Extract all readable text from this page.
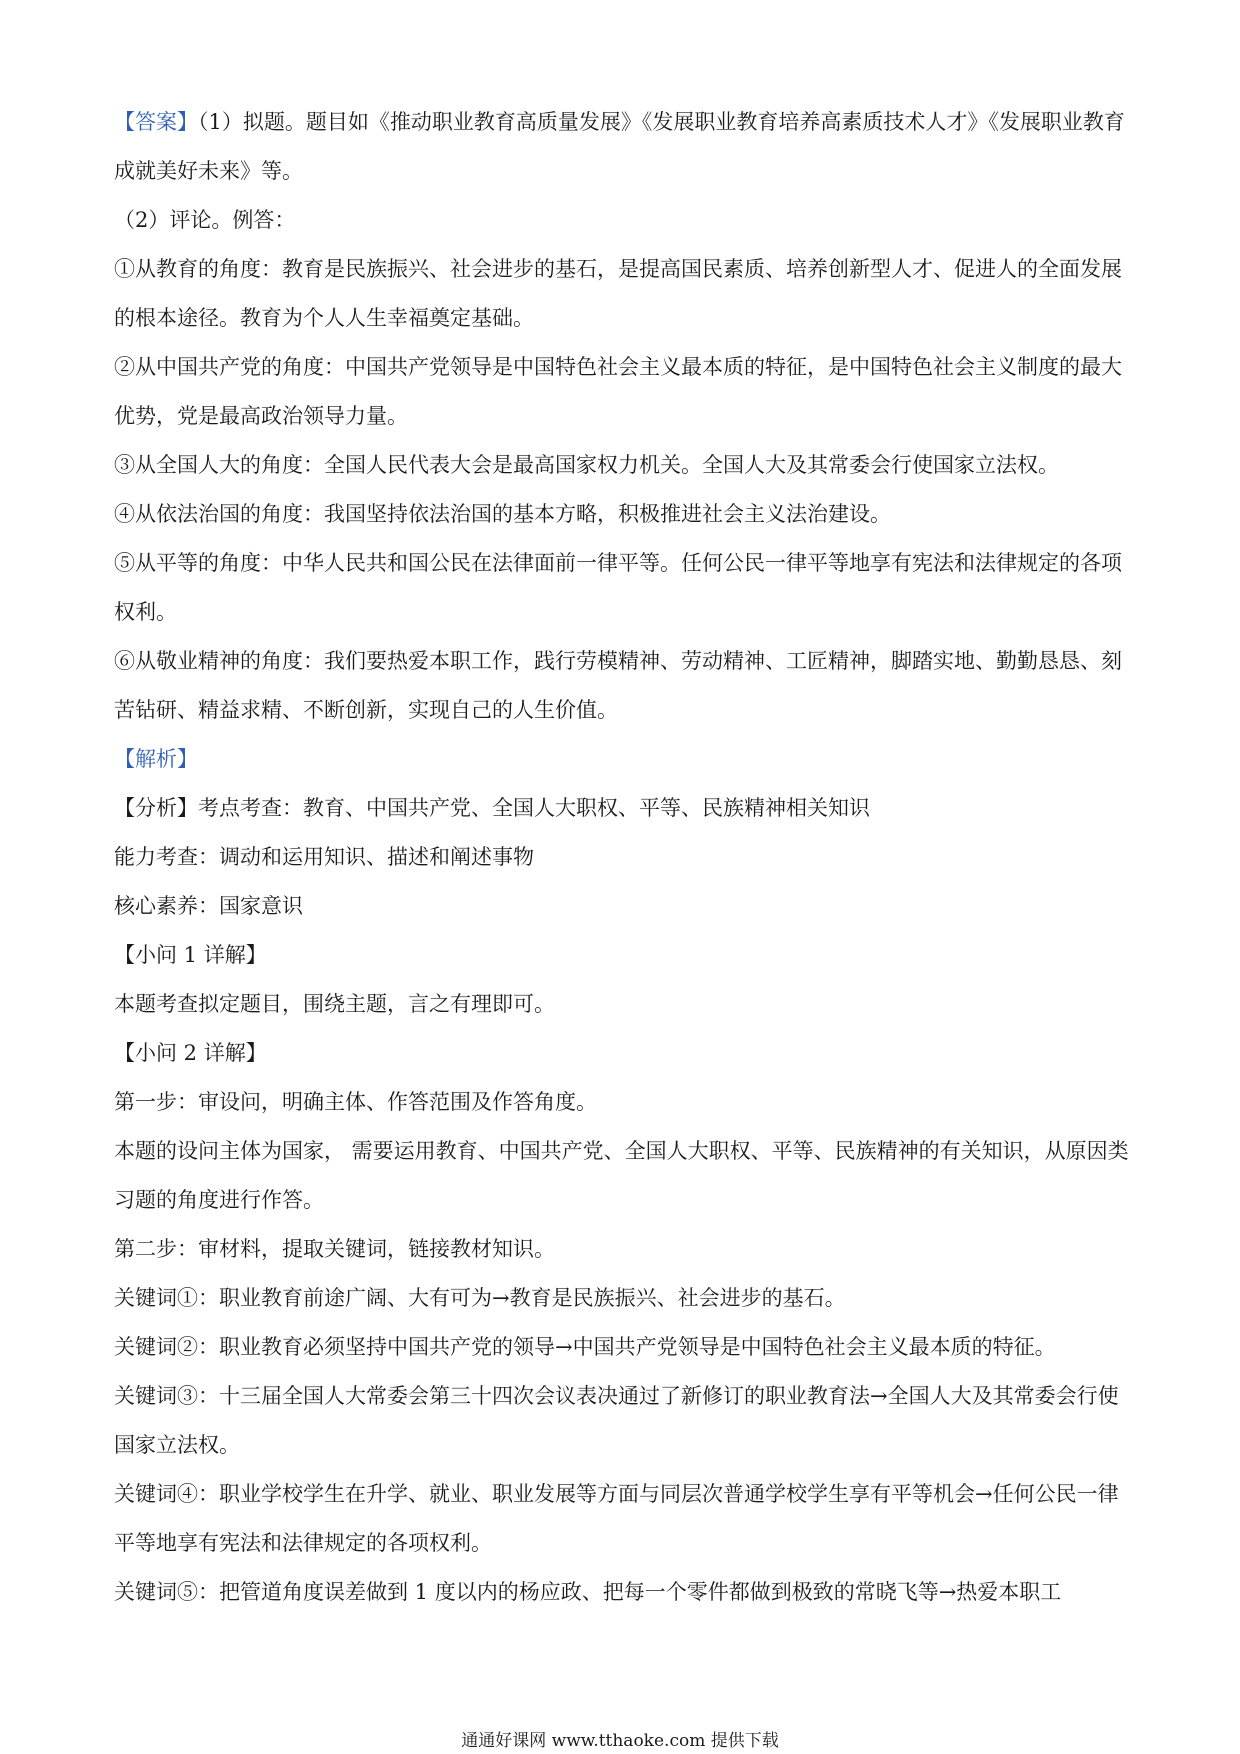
【答案】（1）拟题。题目如《推动职业教育高质量发展》《发展职业教育培养高素质技术人才》《发展职业教育成就美好未来》等。

（2）评论。例答：

①从教育的角度：教育是民族振兴、社会进步的基石，是提高国民素质、培养创新型人才、促进人的全面发展的根本途径。教育为个人人生幸福奠定基础。

②从中国共产党的角度：中国共产党领导是中国特色社会主义最本质的特征，是中国特色社会主义制度的最大优势，党是最高政治领导力量。

③从全国人大的角度：全国人民代表大会是最高国家权力机关。全国人大及其常委会行使国家立法权。

④从依法治国的角度：我国坚持依法治国的基本方略，积极推进社会主义法治建设。

⑤从平等的角度：中华人民共和国公民在法律面前一律平等。任何公民一律平等地享有宪法和法律规定的各项权利。

⑥从敬业精神的角度：我们要热爱本职工作，践行劳模精神、劳动精神、工匠精神，脚踏实地、勤勤恳恳、刻苦钻研、精益求精、不断创新，实现自己的人生价值。

【解析】

【分析】考点考查：教育、中国共产党、全国人大职权、平等、民族精神相关知识

能力考查：调动和运用知识、描述和阐述事物

核心素养：国家意识

【小问 1 详解】

本题考查拟定题目，围绕主题，言之有理即可。

【小问 2 详解】

第一步：审设问，明确主体、作答范围及作答角度。

本题的设问主体为国家， 需要运用教育、中国共产党、全国人大职权、平等、民族精神的有关知识，从原因类习题的角度进行作答。

第二步：审材料，提取关键词，链接教材知识。

关键词①：职业教育前途广阔、大有可为→教育是民族振兴、社会进步的基石。

关键词②：职业教育必须坚持中国共产党的领导→中国共产党领导是中国特色社会主义最本质的特征。

关键词③：十三届全国人大常委会第三十四次会议表决通过了新修订的职业教育法→全国人大及其常委会行使国家立法权。

关键词④：职业学校学生在升学、就业、职业发展等方面与同层次普通学校学生享有平等机会→任何公民一律平等地享有宪法和法律规定的各项权利。

关键词⑤：把管道角度误差做到 1 度以内的杨应政、把每一个零件都做到极致的常晓飞等→热爱本职工

通通好课网 www.tthaoke.com 提供下载
